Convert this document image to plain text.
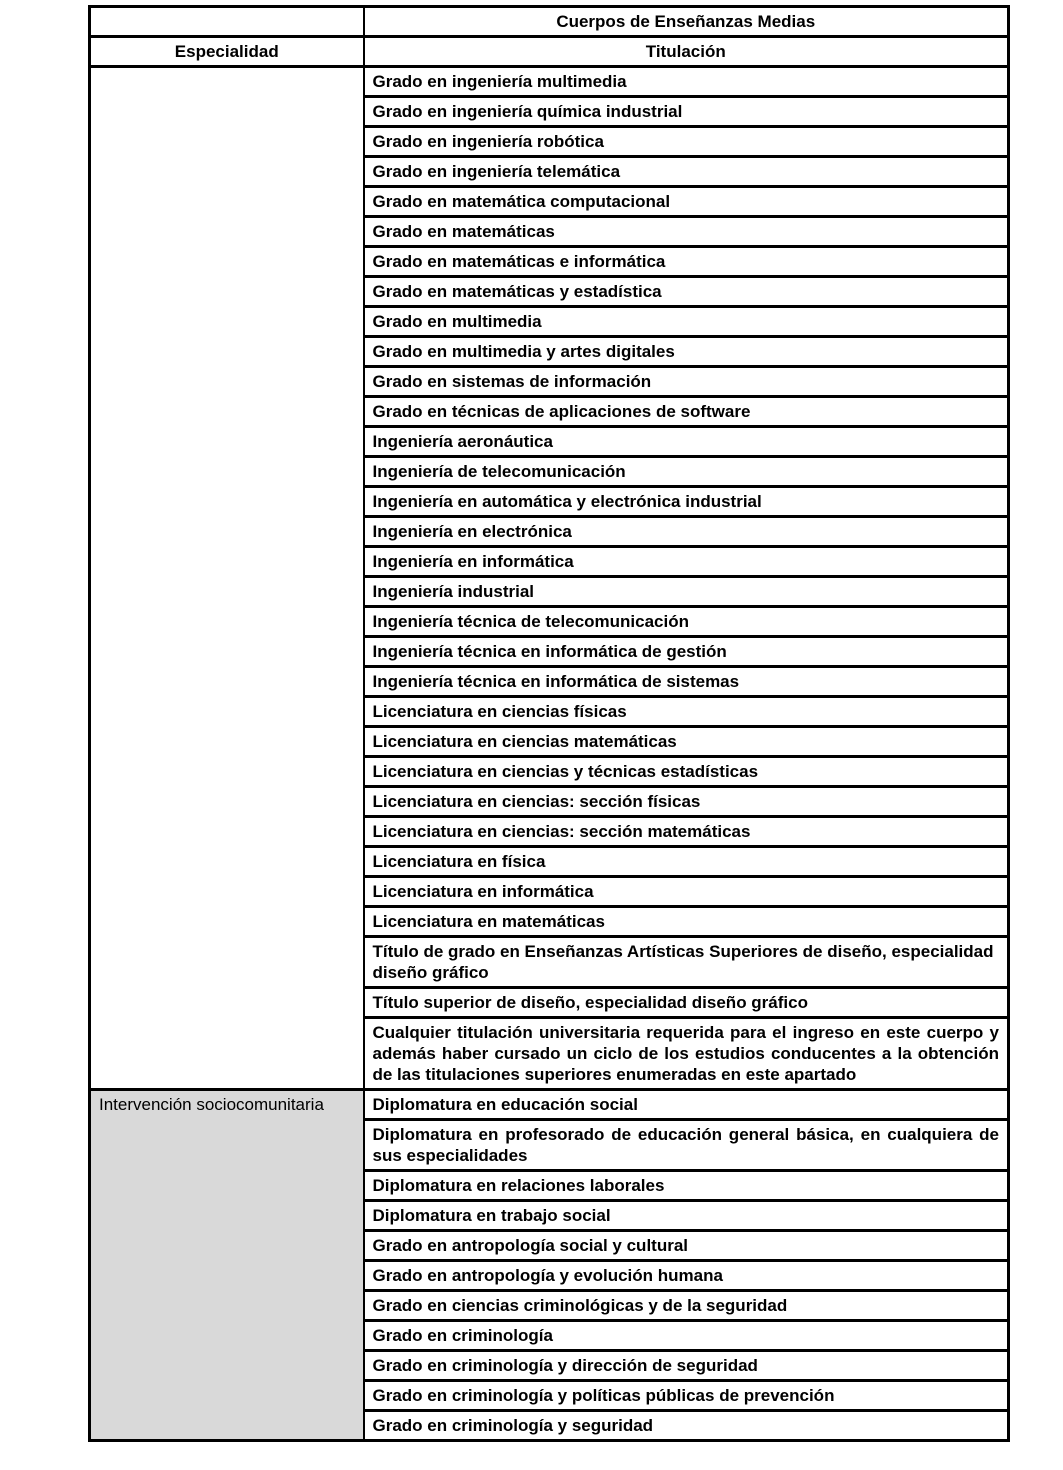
	Cuerpos de Enseñanzas Medias
Especialidad	Titulación
	Grado en ingeniería multimedia
	Grado en ingeniería química industrial
	Grado en ingeniería robótica
	Grado en ingeniería telemática
	Grado en matemática computacional
	Grado en matemáticas
	Grado en matemáticas e informática
	Grado en matemáticas y estadística
	Grado en multimedia
	Grado en multimedia y artes digitales
	Grado en sistemas de información
	Grado en técnicas de aplicaciones de software
	Ingeniería aeronáutica
	Ingeniería de telecomunicación
	Ingeniería en automática y electrónica industrial
	Ingeniería en electrónica
	Ingeniería en informática
	Ingeniería industrial
	Ingeniería técnica de telecomunicación
	Ingeniería técnica en informática de gestión
	Ingeniería técnica en informática de sistemas
	Licenciatura en ciencias físicas
	Licenciatura en ciencias matemáticas
	Licenciatura en ciencias y técnicas estadísticas
	Licenciatura en ciencias: sección físicas
	Licenciatura en ciencias: sección matemáticas
	Licenciatura en física
	Licenciatura en informática
	Licenciatura en matemáticas
	Título de grado en Enseñanzas Artísticas Superiores de diseño, especialidad diseño gráfico
	Título superior de diseño, especialidad diseño gráfico
	Cualquier titulación universitaria requerida para el ingreso en este cuerpo y además haber cursado un ciclo de los estudios conducentes a la obtención de las titulaciones superiores enumeradas en este apartado
Intervención sociocomunitaria	Diplomatura en educación social
	Diplomatura en profesorado de educación general básica, en cualquiera de sus especialidades
	Diplomatura en relaciones laborales
	Diplomatura en trabajo social
	Grado en antropología social y cultural
	Grado en antropología y evolución humana
	Grado en ciencias criminológicas y de la seguridad
	Grado en criminología
	Grado en criminología y dirección de seguridad
	Grado en criminología y políticas públicas de prevención
	Grado en criminología y seguridad
